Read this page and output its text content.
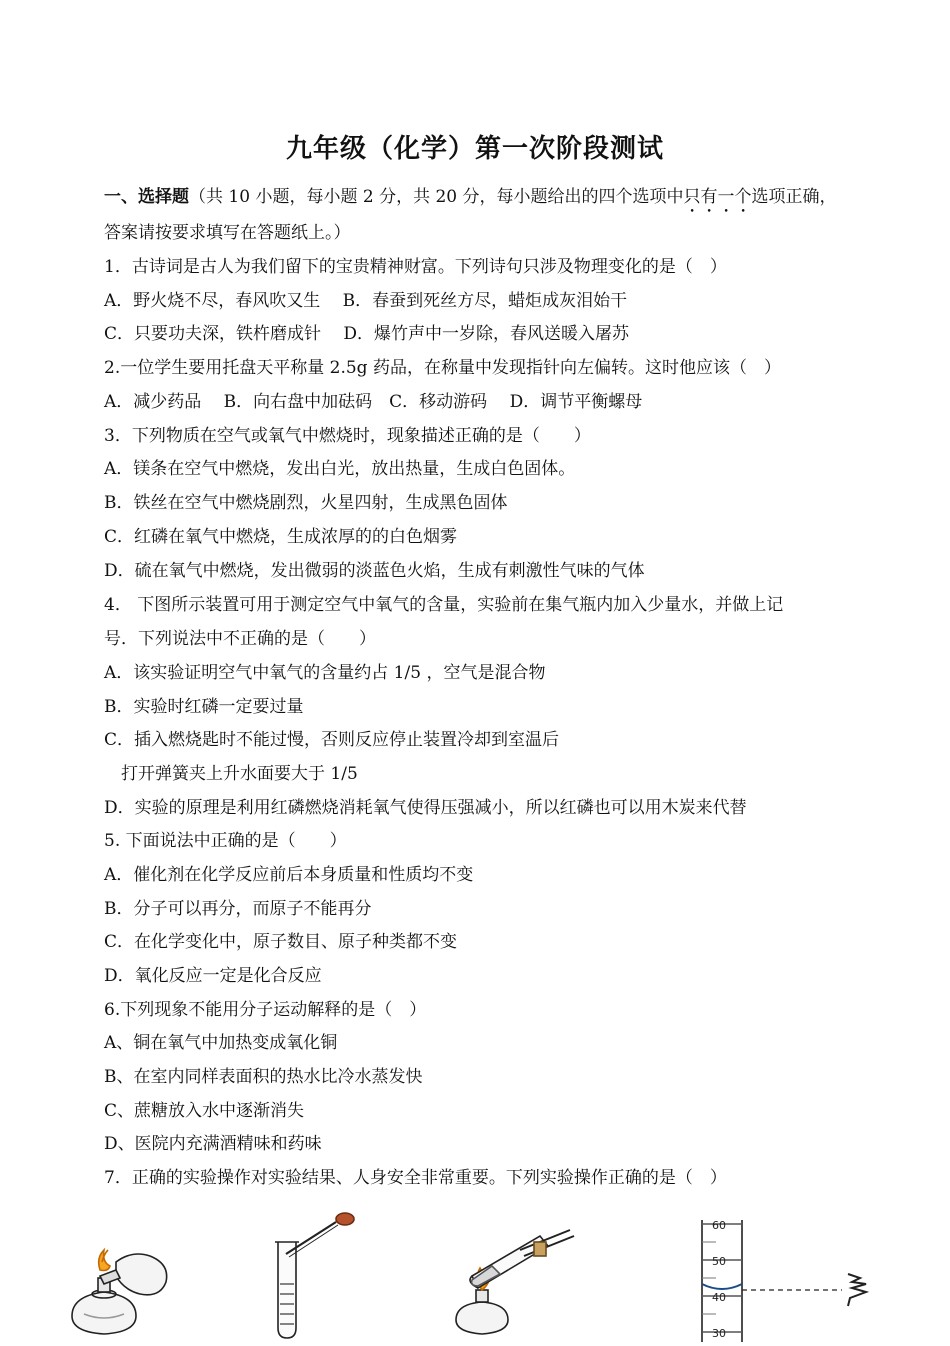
九年级（化学）第一次阶段测试
一、选择题（共 10 小题，每小题 2 分，共 20 分，每小题给出的四个选项中只有一个选项正确，
答案请按要求填写在答题纸上。）
1．古诗词是古人为我们留下的宝贵精神财富。下列诗句只涉及物理变化的是（　）
A．野火烧不尽，春风吹又生　 B．春蚕到死丝方尽，蜡炬成灰泪始干
C．只要功夫深，铁杵磨成针　 D．爆竹声中一岁除，春风送暖入屠苏
2.一位学生要用托盘天平称量 2.5g 药品，在称量中发现指针向左偏转。这时他应该（　）
A．减少药品　 B．向右盘中加砝码　C．移动游码　 D．调节平衡螺母
3．下列物质在空气或氧气中燃烧时，现象描述正确的是（　　）
A．镁条在空气中燃烧，发出白光，放出热量，生成白色固体。
B．铁丝在空气中燃烧剧烈，火星四射，生成黑色固体
C．红磷在氧气中燃烧，生成浓厚的的白色烟雾
D．硫在氧气中燃烧，发出微弱的淡蓝色火焰，生成有刺激性气味的气体
4． 下图所示装置可用于测定空气中氧气的含量，实验前在集气瓶内加入少量水，并做上记
号．下列说法中不正确的是（　　）
A．该实验证明空气中氧气的含量约占 1/5 ，空气是混合物
B．实验时红磷一定要过量
C．插入燃烧匙时不能过慢，否则反应停止装置冷却到室温后
　打开弹簧夹上升水面要大于 1/5
D．实验的原理是利用红磷燃烧消耗氧气使得压强减小，所以红磷也可以用木炭来代替
5. 下面说法中正确的是（　　）
A．催化剂在化学反应前后本身质量和性质均不变
B．分子可以再分，而原子不能再分
C．在化学变化中，原子数目、原子种类都不变
D．氧化反应一定是化合反应
6.下列现象不能用分子运动解释的是（　）
A、铜在氧气中加热变成氧化铜
B、在室内同样表面积的热水比冷水蒸发快
C、蔗糖放入水中逐渐消失
D、医院内充满酒精味和药味
7．正确的实验操作对实验结果、人身安全非常重要。下列实验操作正确的是（　）
60
50
40
30
